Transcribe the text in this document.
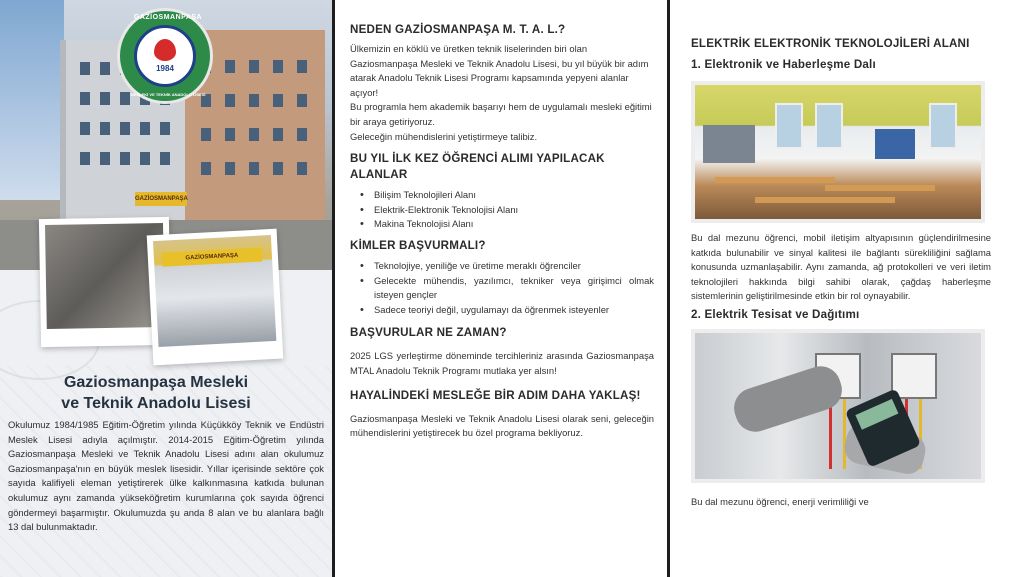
GAZİOSMANPAŞA
GAZİOSMANPAŞA
1984
MESLEKİ VE TEKNİK ANADOLU LİSESİ
GAZİOSMANPAŞA
Gaziosmanpaşa Mesleki
ve Teknik Anadolu Lisesi
Okulumuz 1984/1985 Eğitim-Öğretim yılında Küçükköy Teknik ve Endüstri Meslek Lisesi adıyla açılmıştır. 2014-2015 Eğitim-Öğretim yılında Gaziosmanpaşa Mesleki ve Teknik Anadolu Lisesi adını alan okulumuz Gaziosmanpaşa'nın en büyük meslek lisesidir. Yıllar içerisinde sektöre çok sayıda kalifiyeli eleman yetiştirerek ülke kalkınmasına katkıda bulunan okulumuz aynı zamanda yükseköğretim kurumlarına çok sayıda öğrenci göndermeyi başarmıştır. Okulumuzda şu anda 8 alan ve bu alanlara bağlı 13 dal bulunmaktadır.
NEDEN GAZİOSMANPAŞA M. T. A. L.?
Ülkemizin en köklü ve üretken teknik liselerinden biri olan Gaziosmanpaşa Mesleki ve Teknik Anadolu Lisesi, bu yıl büyük bir adım atarak Anadolu Teknik Lisesi Programı kapsamında yepyeni alanlar açıyor!
Bu programla hem akademik başarıyı hem de uygulamalı mesleki eğitimi bir araya getiriyoruz.
Geleceğin mühendislerini yetiştirmeye talibiz.
BU YIL İLK KEZ ÖĞRENCİ ALIMI YAPILACAK ALANLAR
• Bilişim Teknolojileri Alanı
• Elektrik-Elektronik Teknolojisi Alanı
• Makina Teknolojisi Alanı
KİMLER BAŞVURMALI?
• Teknolojiye, yeniliğe ve üretime meraklı öğrenciler
• Gelecekte mühendis, yazılımcı, tekniker veya girişimci olmak isteyen gençler
• Sadece teoriyi değil, uygulamayı da öğrenmek isteyenler
BAŞVURULAR NE ZAMAN?
2025 LGS yerleştirme döneminde tercihleriniz arasında Gaziosmanpaşa MTAL Anadolu Teknik Programı mutlaka yer alsın!
HAYALİNDEKİ MESLEĞE BİR ADIM DAHA YAKLAŞ!
Gaziosmanpaşa Mesleki ve Teknik Anadolu Lisesi olarak seni, geleceğin mühendislerini yetiştirecek bu özel programa bekliyoruz.
ELEKTRİK ELEKTRONİK TEKNOLOJİLERİ ALANI
1. Elektronik ve Haberleşme Dalı
Bu dal mezunu öğrenci, mobil iletişim altyapısının güçlendirilmesine katkıda bulunabilir ve sinyal kalitesi ile bağlantı sürekliliğini sağlama konusunda uzmanlaşabilir. Aynı zamanda, ağ protokolleri ve veri iletim teknolojileri hakkında bilgi sahibi olarak, çağdaş haberleşme sistemlerinin geliştirilmesinde etkin bir rol oynayabilir.
2. Elektrik Tesisat ve Dağıtımı
Bu dal mezunu öğrenci, enerji verimliliği ve
